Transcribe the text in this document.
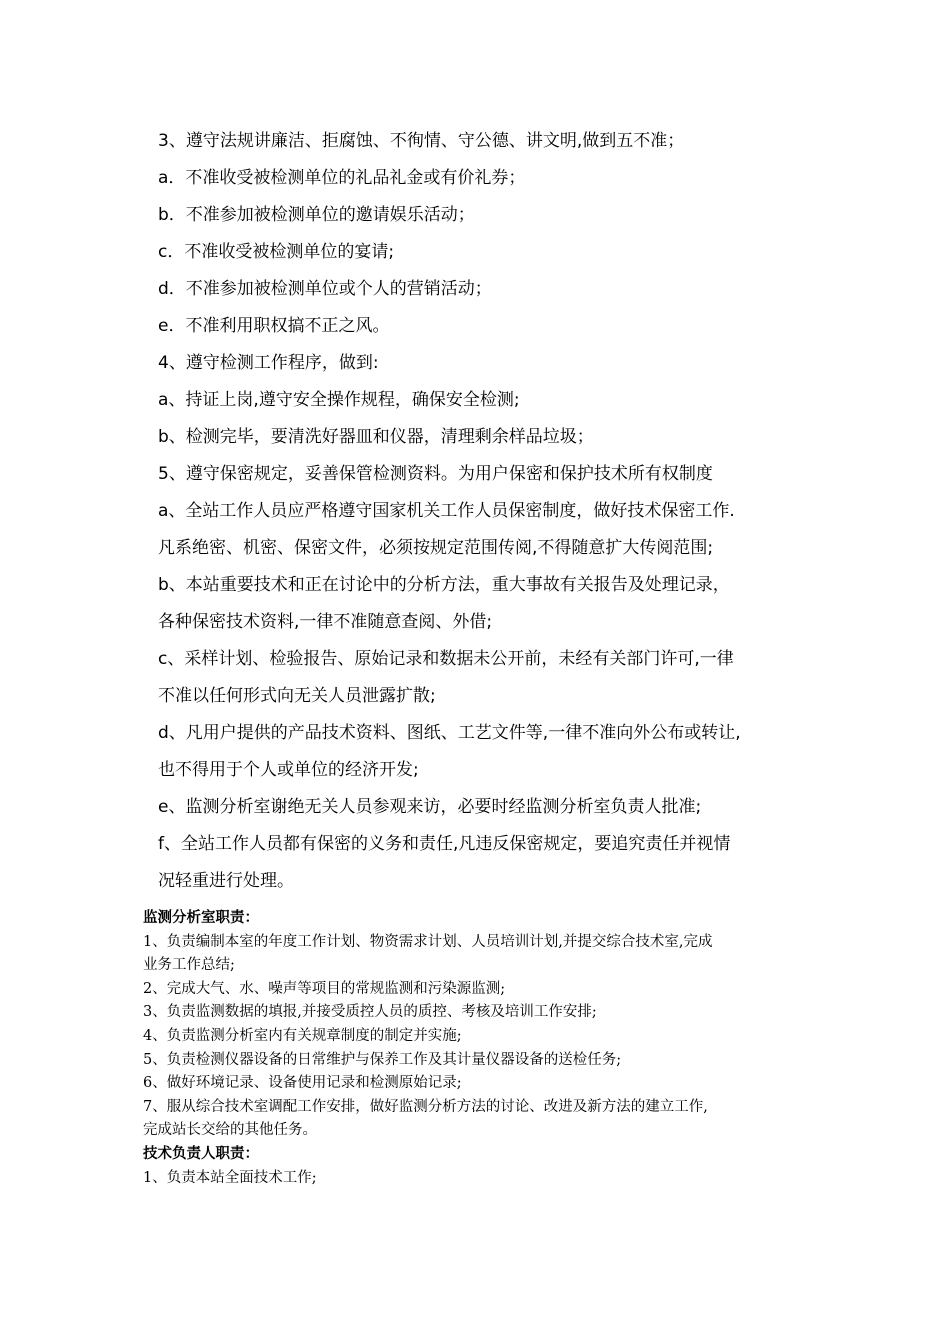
3、遵守法规讲廉洁、拒腐蚀、不徇情、守公德、讲文明,做到五不准；
a．不准收受被检测单位的礼品礼金或有价礼券；
b．不准参加被检测单位的邀请娱乐活动；
c．不准收受被检测单位的宴请;
d．不准参加被检测单位或个人的营销活动；
e．不准利用职权搞不正之风。
4、遵守检测工作程序，做到:
a、持证上岗,遵守安全操作规程，确保安全检测;
b、检测完毕，要清洗好器皿和仪器，清理剩余样品垃圾；
5、遵守保密规定，妥善保管检测资料。为用户保密和保护技术所有权制度
a、全站工作人员应严格遵守国家机关工作人员保密制度，做好技术保密工作.
凡系绝密、机密、保密文件，必须按规定范围传阅,不得随意扩大传阅范围;
b、本站重要技术和正在讨论中的分析方法，重大事故有关报告及处理记录，
各种保密技术资料,一律不准随意查阅、外借;
c、采样计划、检验报告、原始记录和数据未公开前，未经有关部门许可,一律
不准以任何形式向无关人员泄露扩散;
d、凡用户提供的产品技术资料、图纸、工艺文件等,一律不准向外公布或转让,
也不得用于个人或单位的经济开发;
e、监测分析室谢绝无关人员参观来访，必要时经监测分析室负责人批准;
f、全站工作人员都有保密的义务和责任,凡违反保密规定，要追究责任并视情
况轻重进行处理。
监测分析室职责：
1、负责编制本室的年度工作计划、物资需求计划、人员培训计划,并提交综合技术室,完成
业务工作总结;
2、完成大气、水、噪声等项目的常规监测和污染源监测;
3、负责监测数据的填报,并接受质控人员的质控、考核及培训工作安排;
4、负责监测分析室内有关规章制度的制定并实施;
5、负责检测仪器设备的日常维护与保养工作及其计量仪器设备的送检任务;
6、做好环境记录、设备使用记录和检测原始记录;
7、服从综合技术室调配工作安排，做好监测分析方法的讨论、改进及新方法的建立工作,
完成站长交给的其他任务。
技术负责人职责：
1、负责本站全面技术工作;
